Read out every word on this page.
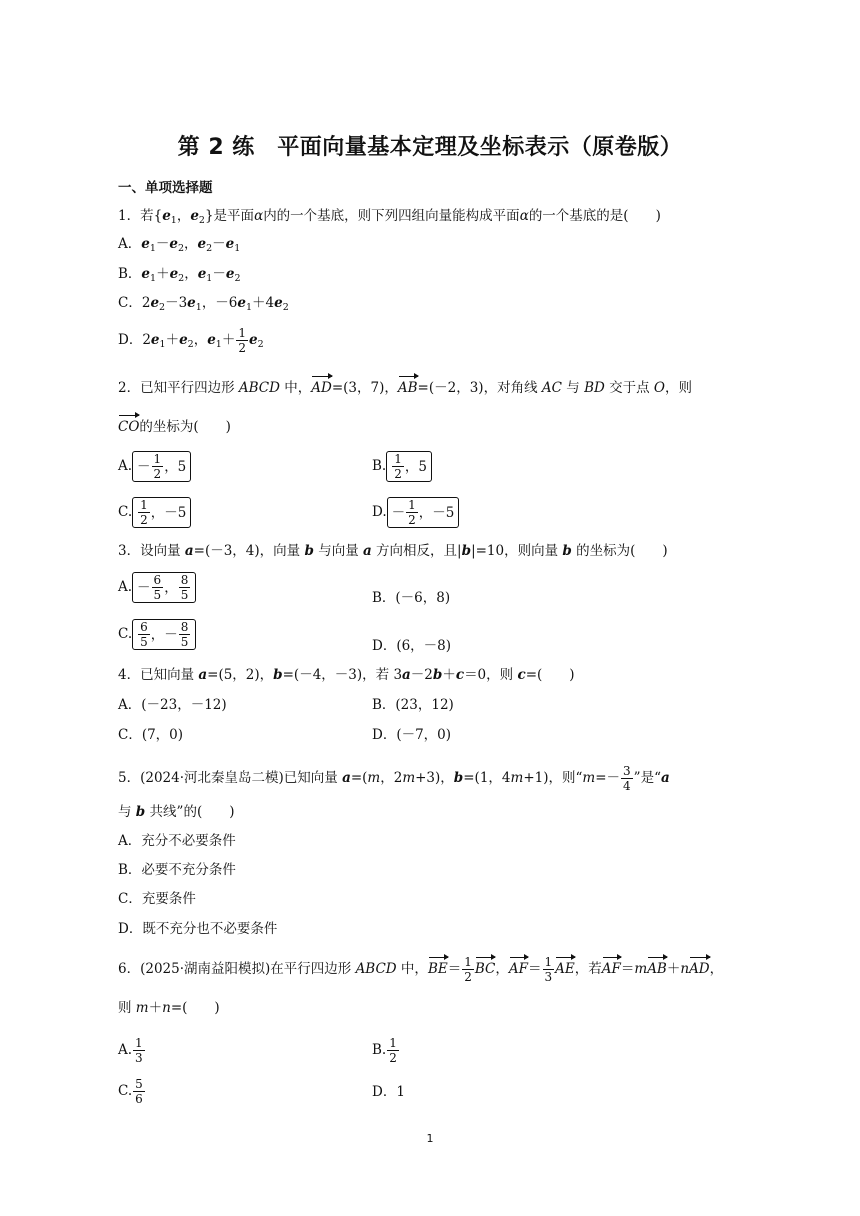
第 2 练　平面向量基本定理及坐标表示（原卷版）
一、单项选择题
1．若{$e_1$，$e_2$}是平面α内的一个基底，则下列四组向量能构成平面α的一个基底的是(　　)
A．$e_1-e_2$，$e_2-e_1$
B．$e_1+e_2$，$e_1-e_2$
C．$2e_2-3e_1$，$-6e_1+4e_2$
D．$2e_1+e_2$，$e_1+ \frac{1}{2} e_2$
2．已知平行四边形 ABCD 中，AD=(3，7)，AB=(－2，3)，对角线 AC 与 BD 交于点 O，则
CO的坐标为(　　)
A. － $\frac{1}{2}$ ，5	B. $\frac{1}{2}$ ，5
C. $\frac{1}{2}$ ，－5	D. － $\frac{1}{2}$ ，－5
3．设向量 a=(－3，4)，向量 b 与向量 a 方向相反，且|b|=10，则向量 b 的坐标为(　　)
A. － $\frac{6}{5}$ ， $\frac{8}{5}$	B．(－6，8)
C. $\frac{6}{5}$ ，－ $\frac{8}{5}$	D．(6，－8)
4．已知向量 a=(5，2)，b=(－4，－3)，若 3a－2b＋c＝0，则 c=(　　)
A．(－23，－12)	B．(23，12)
C．(7，0)	D．(－7，0)
5．(2024·河北秦皇岛二模)已知向量 a=(m，2m+3)，b=(1，4m+1)，则“$m=- \frac{3}{4}$ ”是“a
与 b 共线”的(　　)
A．充分不必要条件
B．必要不充分条件
C．充要条件
D．既不充分也不必要条件
6．(2025·湖南益阳模拟)在平行四边形 ABCD 中，$BE= \frac{1}{2}$ BC，$AF= \frac{1}{3}$ AE，若AF＝mAB＋nAD，
则 m＋n=(　　)
A. $\frac{1}{3}$	B. $\frac{1}{2}$
C. $\frac{5}{6}$	D．1
1
